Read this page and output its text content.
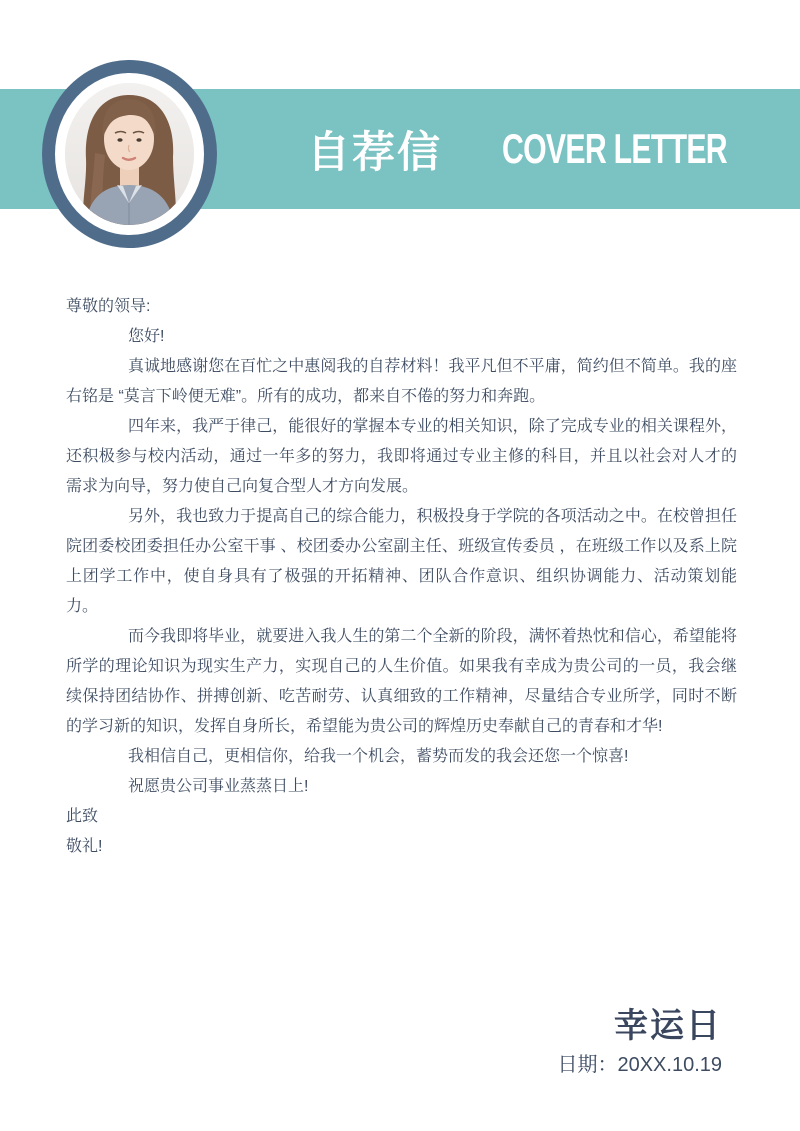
自荐信 COVER LETTER

尊敬的领导:

您好!

真诚地感谢您在百忙之中惠阅我的自荐材料！我平凡但不平庸，简约但不简单。我的座右铭是 “莫言下岭便无难”。所有的成功，都来自不倦的努力和奔跑。

四年来，我严于律己，能很好的掌握本专业的相关知识，除了完成专业的相关课程外，还积极参与校内活动，通过一年多的努力，我即将通过专业主修的科目，并且以社会对人才的需求为向导，努力使自己向复合型人才方向发展。

另外，我也致力于提高自己的综合能力，积极投身于学院的各项活动之中。在校曾担任院团委校团委担任办公室干事 、校团委办公室副主任、班级宣传委员 ，在班级工作以及系上院上团学工作中，使自身具有了极强的开拓精神、团队合作意识、组织协调能力、活动策划能力。

而今我即将毕业，就要进入我人生的第二个全新的阶段，满怀着热忱和信心，希望能将所学的理论知识为现实生产力，实现自己的人生价值。如果我有幸成为贵公司的一员，我会继续保持团结协作、拼搏创新、吃苦耐劳、认真细致的工作精神，尽量结合专业所学，同时不断的学习新的知识，发挥自身所长，希望能为贵公司的辉煌历史奉献自己的青春和才华!

我相信自己，更相信你，给我一个机会，蓄势而发的我会还您一个惊喜!

祝愿贵公司事业蒸蒸日上!

此致

敬礼!

幸运日
日期：20XX.10.19
